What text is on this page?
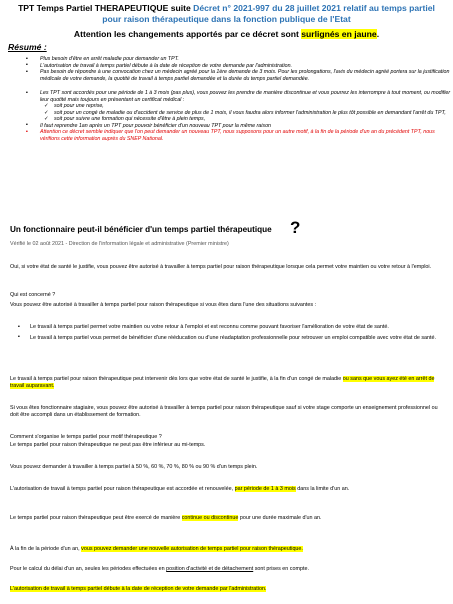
TPT Temps Partiel THERAPEUTIQUE suite Décret n° 2021-997 du 28 juillet 2021 relatif au temps partiel
pour raison thérapeutique dans la fonction publique de l'Etat
Attention les changements apportés par ce décret sont surlignés en jaune.
Résumé :
▪ Plus besoin d'être en arrêt maladie pour demander un TPT.
▪ L'autorisation de travail à temps partiel débute à la date de réception de votre demande par l'administration.
▪ Pas besoin de répondre à une convocation chez un médecin agréé pour la 1ère demande de 3 mois. Pour les prolongations, l'avis du médecin agréé portera sur la justification médicale de votre demande, la quotité de travail à temps partiel demandée et la durée du temps partiel demandée.
▪ Les TPT sont accordés pour une période de 1 à 3 mois (pas plus), vous pouvez les prendre de manière discontinue et vous pourrez les interrompre à tout moment, ou modifier leur quotité mais toujours en présentant un certificat médical :
✓ soit pour une reprise,
✓ soit pour un congé de maladie ou d'accident de service de plus de 1 mois, il vous faudra alors informer l'administration le plus tôt possible en demandant l'arrêt du TPT,
✓ soit pour suivre une formation qui nécessite d'être à plein temps,
▪ Il faut reprendre 1an après un TPT pour pouvoir bénéficier d'un nouveau TPT pour la même raison
▪ Attention ce décret semble indiquer que l'on peut demander un nouveau TPT, nous supposons pour un autre motif, à la fin de la période d'un an du précédent TPT, nous vérifions cette information auprès du SNEP National.
Un fonctionnaire peut-il bénéficier d'un temps partiel thérapeutique ?
Vérifié le 02 août 2021 - Direction de l'information légale et administrative (Premier ministre)
Oui, si votre état de santé le justifie, vous pouvez être autorisé à travailler à temps partiel pour raison thérapeutique lorsque cela permet votre maintien ou votre retour à l'emploi.
Qui est concerné ?
Vous pouvez être autorisé à travailler à temps partiel pour raison thérapeutique si vous êtes dans l'une des situations suivantes :
▪ Le travail à temps partiel permet votre maintien ou votre retour à l'emploi et est reconnu comme pouvant favoriser l'amélioration de votre état de santé.
▪ Le travail à temps partiel vous permet de bénéficier d'une rééducation ou d'une réadaptation professionnelle pour retrouver un emploi compatible avec votre état de santé.
Le travail à temps partiel pour raison thérapeutique peut intervenir dès lors que votre état de santé le justifie, à la fin d'un congé de maladie ou sans que vous ayez été en arrêt de travail auparavant.
Si vous êtes fonctionnaire stagiaire, vous pouvez être autorisé à travailler à temps partiel pour raison thérapeutique sauf si votre stage comporte un enseignement professionnel ou doit être accompli dans un établissement de formation.
Comment s'organise le temps partiel pour motif thérapeutique ?
Le temps partiel pour raison thérapeutique ne peut pas être inférieur au mi-temps.
Vous pouvez demander à travailler à temps partiel à 50 %, 60 %, 70 %, 80 % ou 90 % d'un temps plein.
L'autorisation de travail à temps partiel pour raison thérapeutique est accordée et renouvelée, par période de 1 à 3 mois dans la limite d'un an.
Le temps partiel pour raison thérapeutique peut être exercé de manière continue ou discontinue pour une durée maximale d'un an.
À la fin de la période d'un an, vous pouvez demander une nouvelle autorisation de temps partiel pour raison thérapeutique.
Pour le calcul du délai d'un an, seules les périodes effectuées en position d'activité et de détachement sont prises en compte.
L'autorisation de travail à temps partiel débute à la date de réception de votre demande par l'administration.
